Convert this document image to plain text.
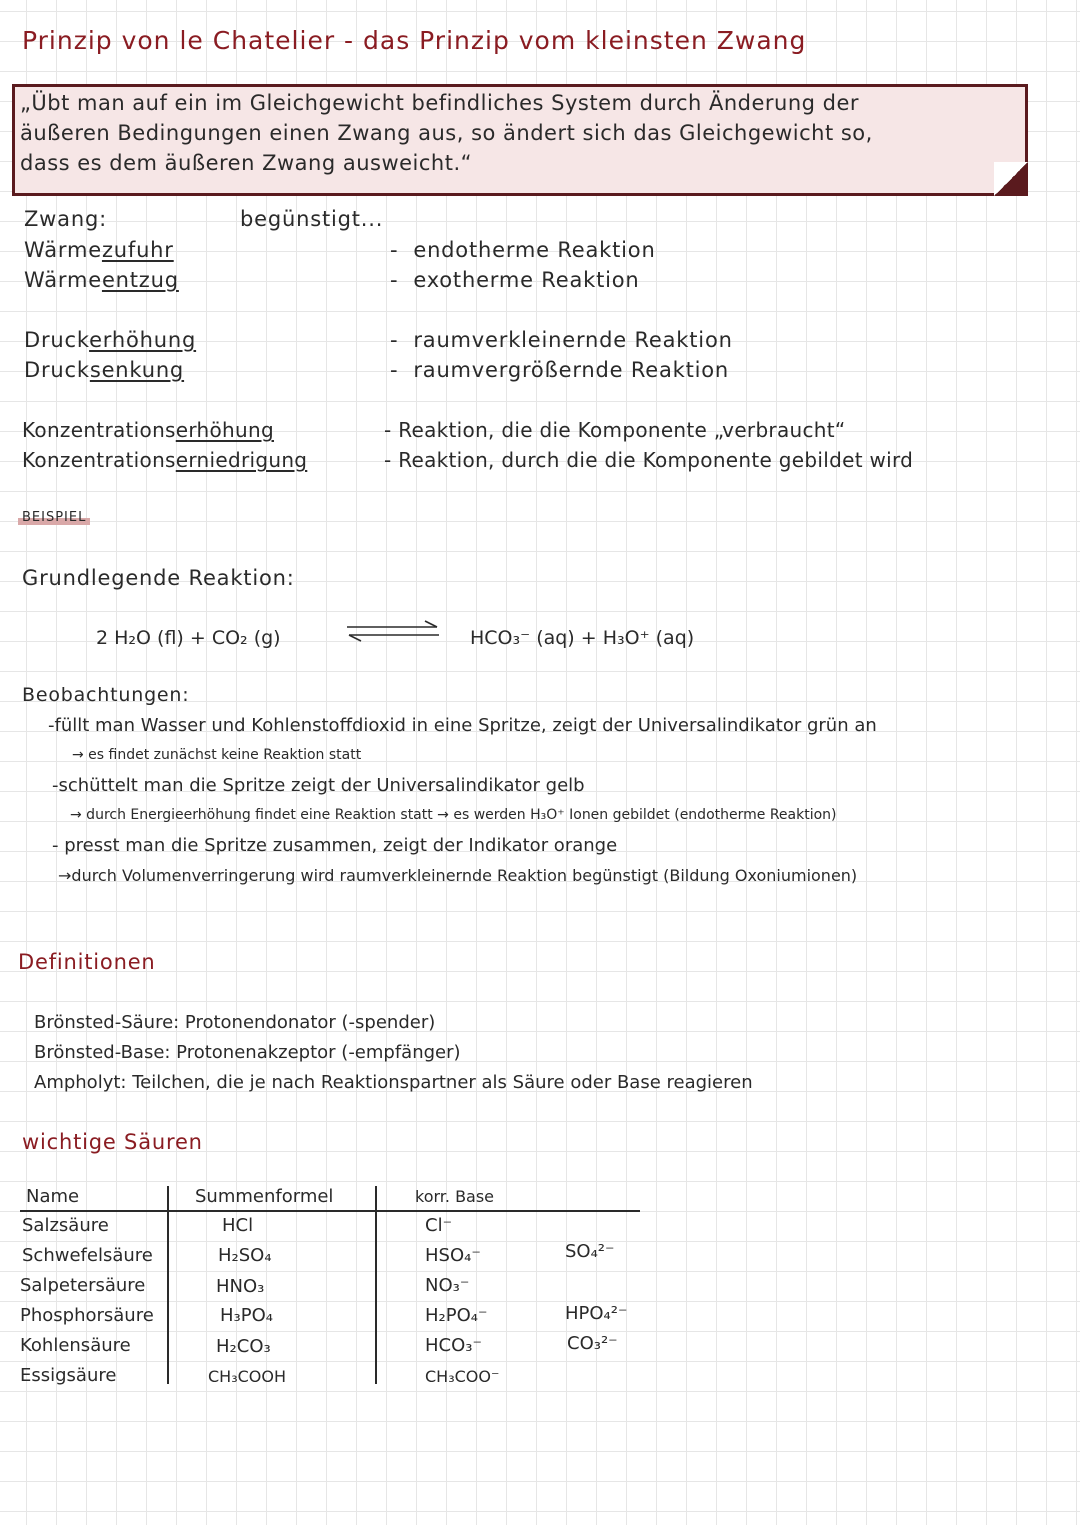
Prinzip von le Chatelier - das Prinzip vom kleinsten Zwang
„Übt man auf ein im Gleichgewicht befindliches System durch Änderung der
äußeren Bedingungen einen Zwang aus, so ändert sich das Gleichgewicht so,
dass es dem äußeren Zwang ausweicht.“
Zwang:	begünstigt...
Wärmezufuhr	-  endotherme Reaktion
Wärmeentzug	-  exotherme Reaktion
Druckerhöhung	-  raumverkleinernde Reaktion
Drucksenkung	-  raumvergrößernde Reaktion
Konzentrationserhöhung	- Reaktion, die die Komponente „verbraucht“
Konzentrationserniedrigung	- Reaktion, durch die die Komponente gebildet wird
BEISPIEL
Grundlegende Reaktion:
2 H₂O (fl) + CO₂ (g)	HCO₃⁻ (aq) + H₃O⁺ (aq)
Beobachtungen:
-füllt man Wasser und Kohlenstoffdioxid in eine Spritze, zeigt der Universalindikator grün an
→ es findet zunächst keine Reaktion statt
-schüttelt man die Spritze zeigt der Universalindikator gelb
→ durch Energieerhöhung findet eine Reaktion statt → es werden H₃O⁺ Ionen gebildet (endotherme Reaktion)
- presst man die Spritze zusammen, zeigt der Indikator orange
→durch Volumenverringerung wird raumverkleinernde Reaktion begünstigt (Bildung Oxoniumionen)
Definitionen
Brönsted-Säure: Protonendonator (-spender)
Brönsted-Base: Protonenakzeptor (-empfänger)
Ampholyt: Teilchen, die je nach Reaktionspartner als Säure oder Base reagieren
wichtige Säuren
Name	Summenformel	korr. Base
Salzsäure	HCl	Cl⁻
Schwefelsäure	H₂SO₄	HSO₄⁻	SO₄²⁻
Salpetersäure	HNO₃	NO₃⁻
Phosphorsäure	H₃PO₄	H₂PO₄⁻	HPO₄²⁻
Kohlensäure	H₂CO₃	HCO₃⁻	CO₃²⁻
Essigsäure	CH₃COOH	CH₃COO⁻
